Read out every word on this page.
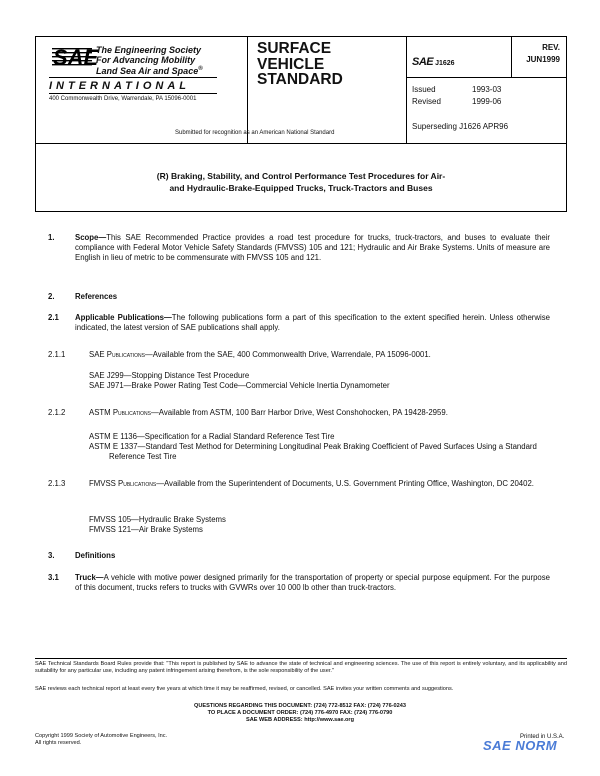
SAE
The Engineering Society
For Advancing Mobility
Land Sea Air and Space®
INTERNATIONAL
400 Commonwealth Drive, Warrendale, PA 15096-0001
SURFACE
VEHICLE
STANDARD
Submitted for recognition as an American National Standard
SAE J1626
REV.
JUN1999
Issued	1993-03
Revised	1999-06
Superseding J1626 APR96
(R) Braking, Stability, and Control Performance Test Procedures for Air-
and Hydraulic-Brake-Equipped Trucks, Truck-Tractors and Buses
1.	Scope—This SAE Recommended Practice provides a road test procedure for trucks, truck-tractors, and buses to evaluate their compliance with Federal Motor Vehicle Safety Standards (FMVSS) 105 and 121; Hydraulic and Air Brake Systems. Units of measure are English in lieu of metric to be commensurate with FMVSS 105 and 121.
2.	References
2.1 Applicable Publications—The following publications form a part of this specification to the extent specified herein. Unless otherwise indicated, the latest version of SAE publications shall apply.
2.1.1	SAE Publications—Available from the SAE, 400 Commonwealth Drive, Warrendale, PA 15096-0001.
SAE J299—Stopping Distance Test Procedure
SAE J971—Brake Power Rating Test Code—Commercial Vehicle Inertia Dynamometer
2.1.2	ASTM Publications—Available from ASTM, 100 Barr Harbor Drive, West Conshohocken, PA 19428-2959.
ASTM E 1136—Specification for a Radial Standard Reference Test Tire
ASTM E 1337—Standard Test Method for Determining Longitudinal Peak Braking Coefficient of Paved Surfaces Using a Standard Reference Test Tire
2.1.3	FMVSS Publications—Available from the Superintendent of Documents, U.S. Government Printing Office, Washington, DC 20402.
FMVSS 105—Hydraulic Brake Systems
FMVSS 121—Air Brake Systems
3.	Definitions
3.1 Truck—A vehicle with motive power designed primarily for the transportation of property or special purpose equipment. For the purpose of this document, trucks refers to trucks with GVWRs over 10 000 lb other than truck-tractors.
SAE Technical Standards Board Rules provide that: "This report is published by SAE to advance the state of technical and engineering sciences. The use of this report is entirely voluntary, and its applicability and suitability for any particular use, including any patent infringement arising therefrom, is the sole responsibility of the user."
SAE reviews each technical report at least every five years at which time it may be reaffirmed, revised, or cancelled. SAE invites your written comments and suggestions.
QUESTIONS REGARDING THIS DOCUMENT: (724) 772-8512 FAX: (724) 776-0243
TO PLACE A DOCUMENT ORDER: (724) 776-4970 FAX: (724) 776-0790
SAE WEB ADDRESS: http://www.sae.org
Copyright 1999 Society of Automotive Engineers, Inc.
All rights reserved.
Printed in U.S.A.
SAE NORM
